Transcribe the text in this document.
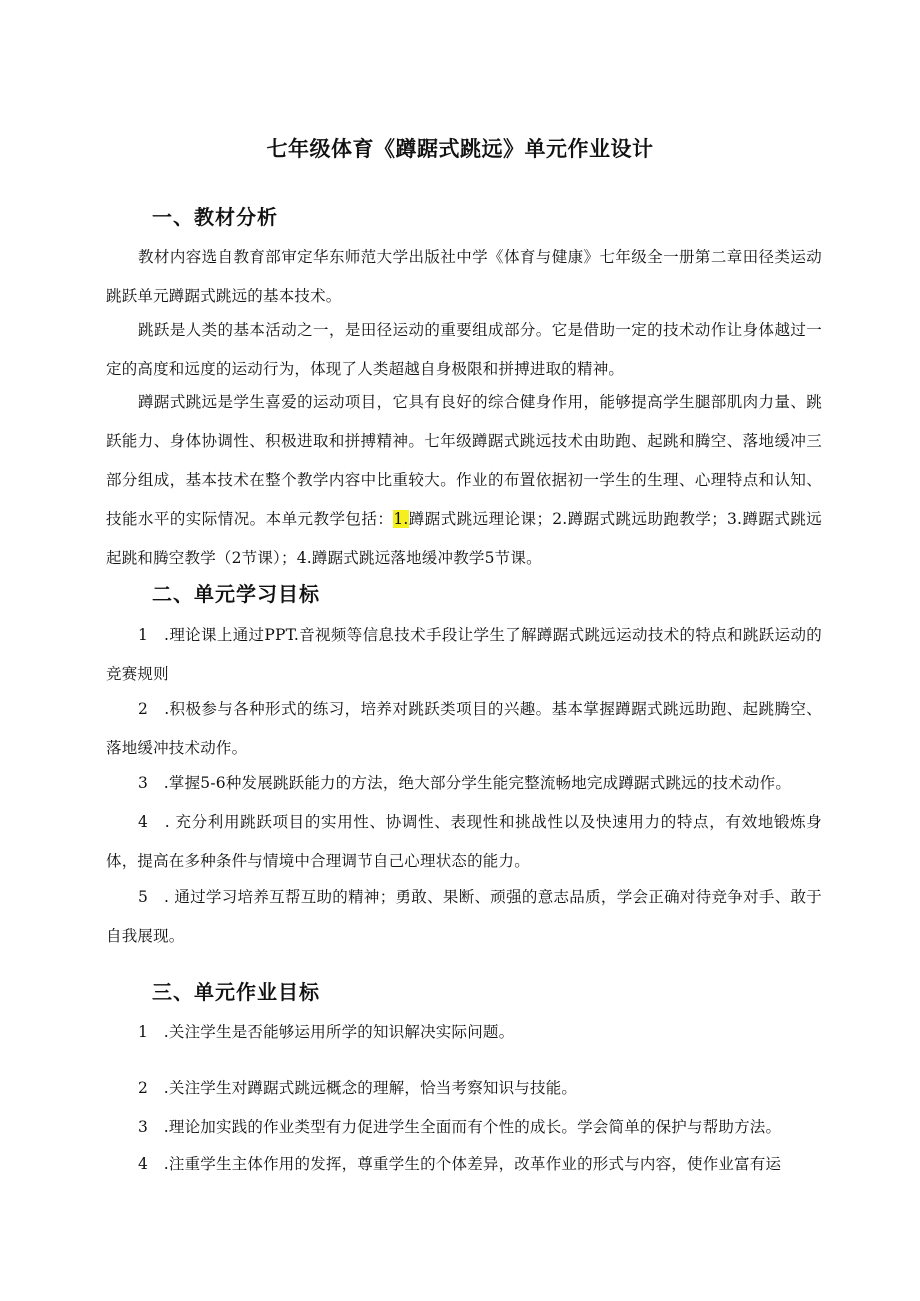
七年级体育《蹲踞式跳远》单元作业设计
一、教材分析
教材内容选自教育部审定华东师范大学出版社中学《体育与健康》七年级全一册第二章田径类运动跳跃单元蹲踞式跳远的基本技术。
跳跃是人类的基本活动之一，是田径运动的重要组成部分。它是借助一定的技术动作让身体越过一定的高度和远度的运动行为，体现了人类超越自身极限和拼搏进取的精神。
蹲踞式跳远是学生喜爱的运动项目，它具有良好的综合健身作用，能够提高学生腿部肌肉力量、跳跃能力、身体协调性、积极进取和拼搏精神。七年级蹲踞式跳远技术由助跑、起跳和腾空、落地缓冲三部分组成，基本技术在整个教学内容中比重较大。作业的布置依据初一学生的生理、心理特点和认知、技能水平的实际情况。本单元教学包括：1.蹲踞式跳远理论课；2.蹲踞式跳远助跑教学；3.蹲踞式跳远起跳和腾空教学（2节课）；4.蹲踞式跳远落地缓冲教学5节课。
二、单元学习目标
1　.理论课上通过PPT.音视频等信息技术手段让学生了解蹲踞式跳远运动技术的特点和跳跃运动的竞赛规则
2　.积极参与各种形式的练习，培养对跳跃类项目的兴趣。基本掌握蹲踞式跳远助跑、起跳腾空、落地缓冲技术动作。
3　.掌握5-6种发展跳跃能力的方法，绝大部分学生能完整流畅地完成蹲踞式跳远的技术动作。
4　. 充分利用跳跃项目的实用性、协调性、表现性和挑战性以及快速用力的特点，有效地锻炼身体，提高在多种条件与情境中合理调节自己心理状态的能力。
5　. 通过学习培养互帮互助的精神；勇敢、果断、顽强的意志品质，学会正确对待竞争对手、敢于自我展现。
三、单元作业目标
1　.关注学生是否能够运用所学的知识解决实际问题。
2　.关注学生对蹲踞式跳远概念的理解，恰当考察知识与技能。
3　.理论加实践的作业类型有力促进学生全面而有个性的成长。学会简单的保护与帮助方法。
4　.注重学生主体作用的发挥，尊重学生的个体差异，改革作业的形式与内容，使作业富有运
